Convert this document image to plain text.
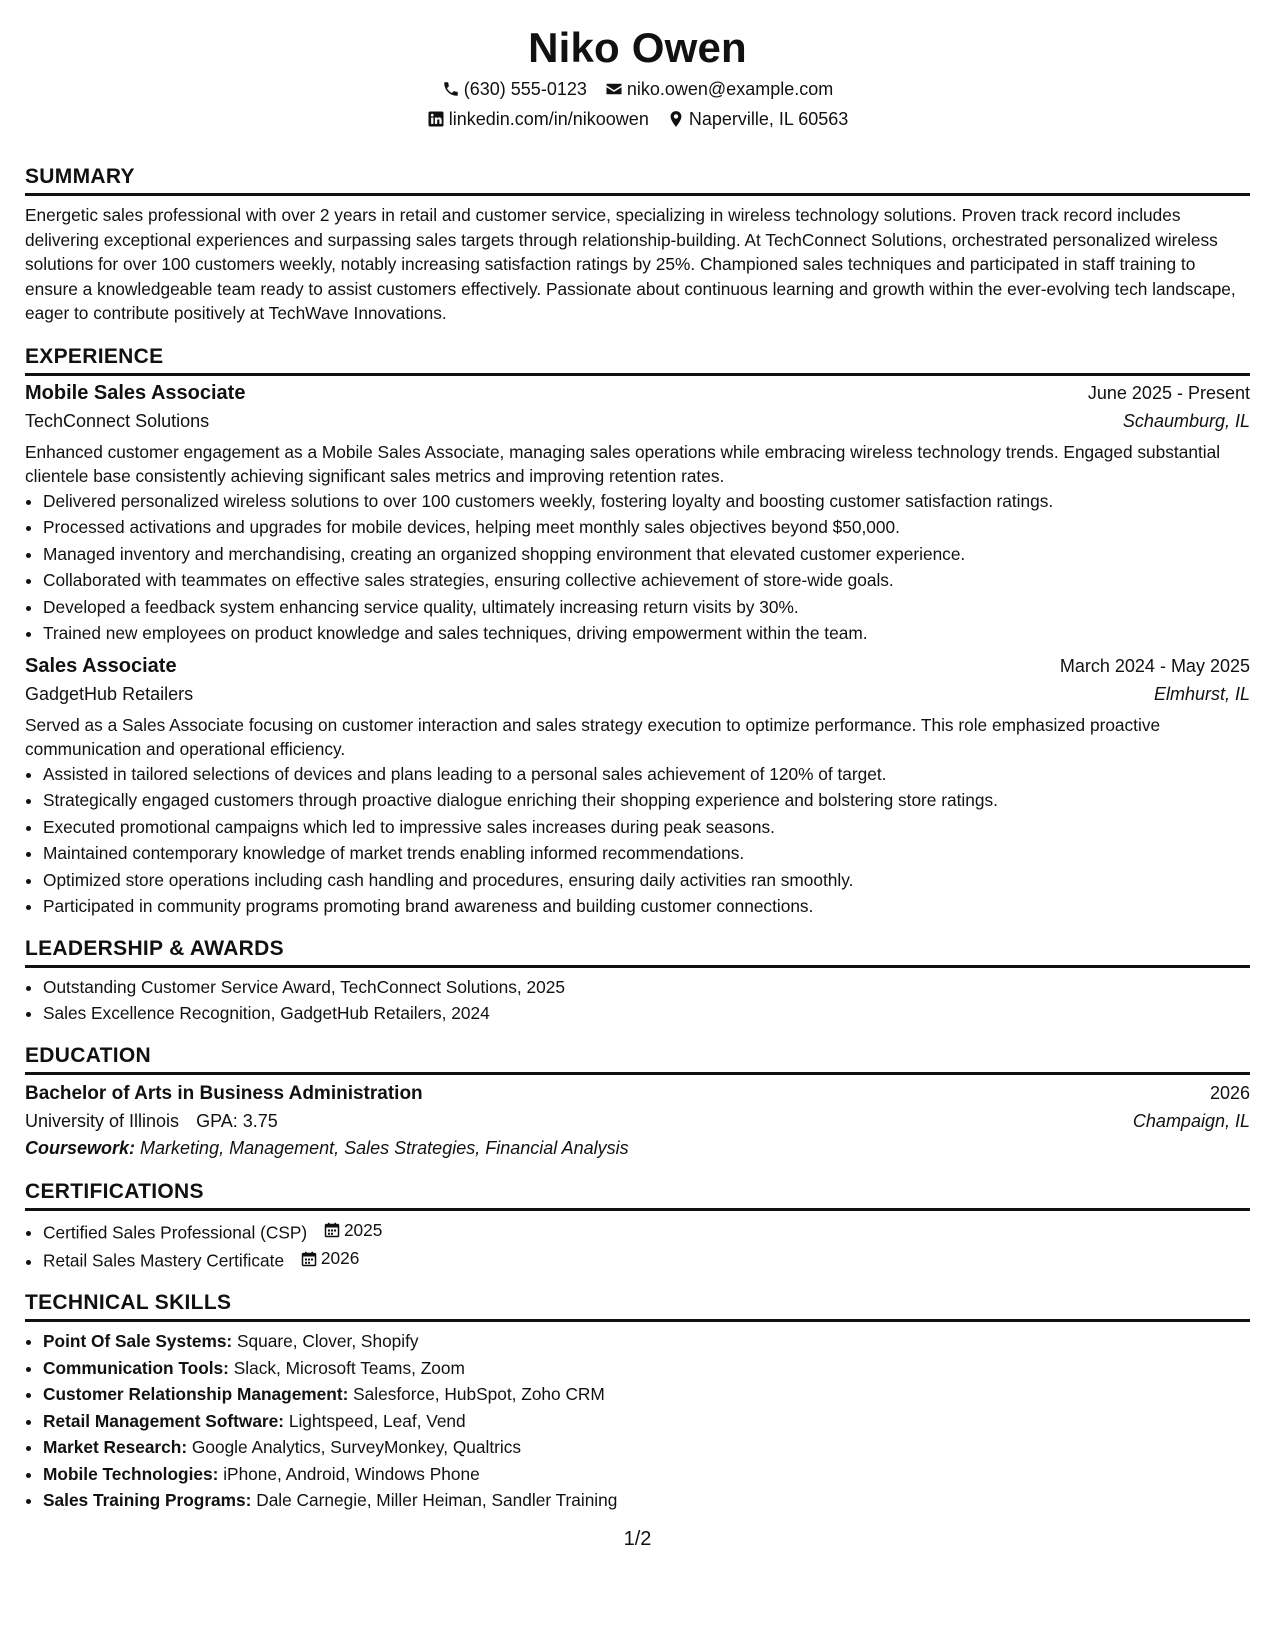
Niko Owen
(630) 555-0123 niko.owen@example.com
linkedin.com/in/nikoowen Naperville, IL 60563
SUMMARY

Energetic sales professional with over 2 years in retail and customer service, specializing in wireless technology solutions. Proven track record includes delivering exceptional experiences and surpassing sales targets through relationship-building. At TechConnect Solutions, orchestrated personalized wireless solutions for over 100 customers weekly, notably increasing satisfaction ratings by 25%. Championed sales techniques and participated in staff training to ensure a knowledgeable team ready to assist customers effectively. Passionate about continuous learning and growth within the ever-evolving tech landscape, eager to contribute positively at TechWave Innovations.

EXPERIENCE
Mobile Sales Associate	June 2025 - Present
TechConnect Solutions	Schaumburg, IL
Enhanced customer engagement as a Mobile Sales Associate, managing sales operations while embracing wireless technology trends. Engaged substantial clientele base consistently achieving significant sales metrics and improving retention rates.
• Delivered personalized wireless solutions to over 100 customers weekly, fostering loyalty and boosting customer satisfaction ratings.
• Processed activations and upgrades for mobile devices, helping meet monthly sales objectives beyond $50,000.
• Managed inventory and merchandising, creating an organized shopping environment that elevated customer experience.
• Collaborated with teammates on effective sales strategies, ensuring collective achievement of store-wide goals.
• Developed a feedback system enhancing service quality, ultimately increasing return visits by 30%.
• Trained new employees on product knowledge and sales techniques, driving empowerment within the team.
Sales Associate	March 2024 - May 2025
GadgetHub Retailers	Elmhurst, IL
Served as a Sales Associate focusing on customer interaction and sales strategy execution to optimize performance. This role emphasized proactive communication and operational efficiency.
• Assisted in tailored selections of devices and plans leading to a personal sales achievement of 120% of target.
• Strategically engaged customers through proactive dialogue enriching their shopping experience and bolstering store ratings.
• Executed promotional campaigns which led to impressive sales increases during peak seasons.
• Maintained contemporary knowledge of market trends enabling informed recommendations.
• Optimized store operations including cash handling and procedures, ensuring daily activities ran smoothly.
• Participated in community programs promoting brand awareness and building customer connections.
LEADERSHIP & AWARDS
• Outstanding Customer Service Award, TechConnect Solutions, 2025
• Sales Excellence Recognition, GadgetHub Retailers, 2024
EDUCATION
Bachelor of Arts in Business Administration	2026
University of Illinois GPA: 3.75	Champaign, IL
Coursework: Marketing, Management, Sales Strategies, Financial Analysis
CERTIFICATIONS
• Certified Sales Professional (CSP) 2025
• Retail Sales Mastery Certificate 2026
TECHNICAL SKILLS
• Point Of Sale Systems: Square, Clover, Shopify
• Communication Tools: Slack, Microsoft Teams, Zoom
• Customer Relationship Management: Salesforce, HubSpot, Zoho CRM
• Retail Management Software: Lightspeed, Leaf, Vend
• Market Research: Google Analytics, SurveyMonkey, Qualtrics
• Mobile Technologies: iPhone, Android, Windows Phone
• Sales Training Programs: Dale Carnegie, Miller Heiman, Sandler Training
1/2
